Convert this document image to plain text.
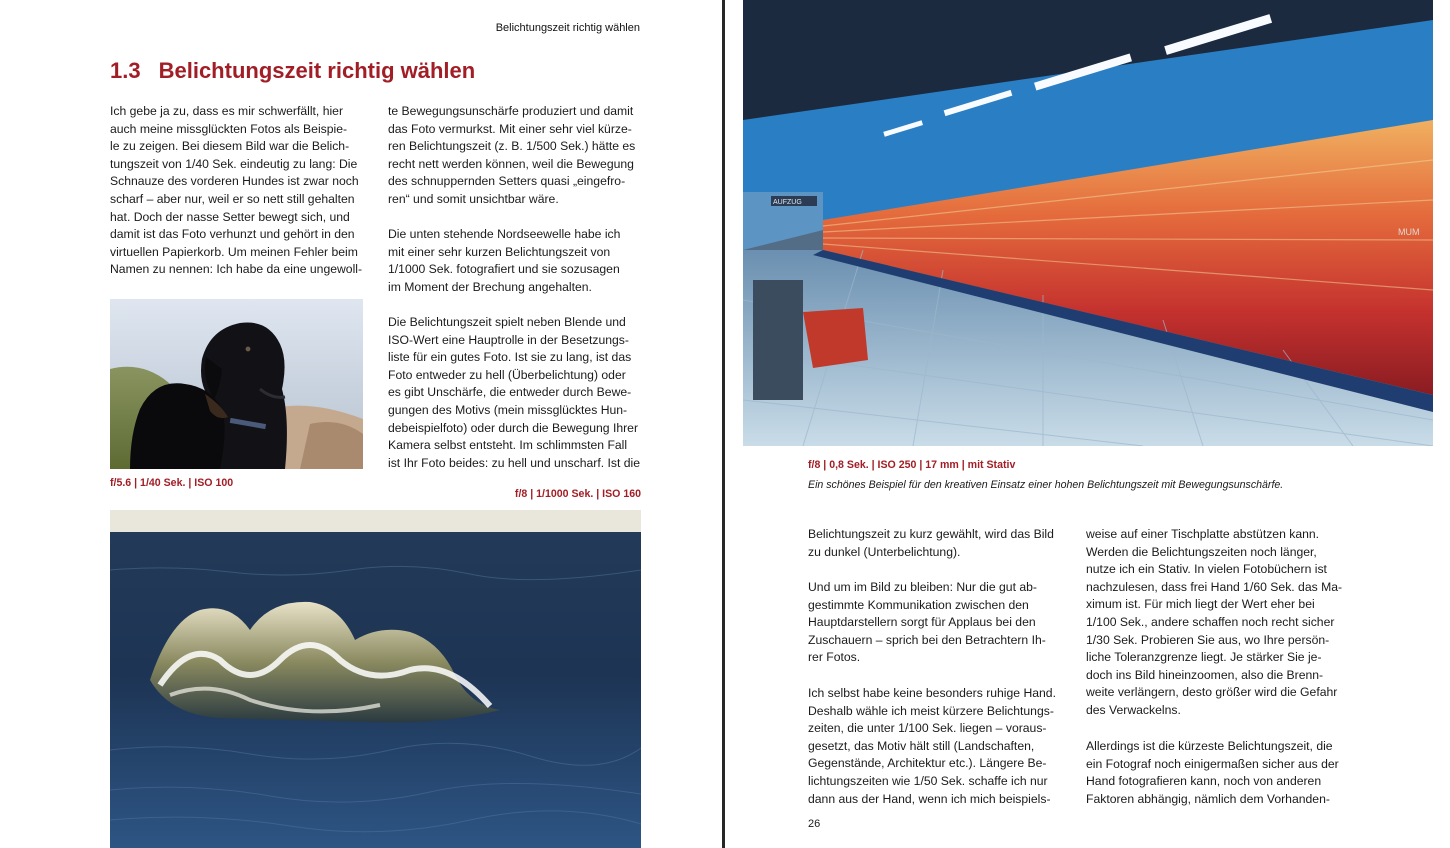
Belichtungszeit richtig wählen
1.3 Belichtungszeit richtig wählen

Ich gebe ja zu, dass es mir schwerfällt, hier
auch meine missglückten Fotos als Beispie-
le zu zeigen. Bei diesem Bild war die Belich-
tungszeit von 1/40 Sek. eindeutig zu lang: Die
Schnauze des vorderen Hundes ist zwar noch
scharf – aber nur, weil er so nett still gehalten
hat. Doch der nasse Setter bewegt sich, und
damit ist das Foto verhunzt und gehört in den
virtuellen Papierkorb. Um meinen Fehler beim
Namen zu nennen: Ich habe da eine ungewoll-

f/5.6 | 1/40 Sek. | ISO 100

te Bewegungsunschärfe produziert und damit
das Foto vermurkst. Mit einer sehr viel kürze-
ren Belichtungszeit (z. B. 1/500 Sek.) hätte es
recht nett werden können, weil die Bewegung
des schnuppernden Setters quasi „eingefro-
ren“ und somit unsichtbar wäre.

Die unten stehende Nordseewelle habe ich
mit einer sehr kurzen Belichtungszeit von
1/1000 Sek. fotografiert und sie sozusagen
im Moment der Brechung angehalten.

Die Belichtungszeit spielt neben Blende und
ISO-Wert eine Hauptrolle in der Besetzungs-
liste für ein gutes Foto. Ist sie zu lang, ist das
Foto entweder zu hell (Überbelichtung) oder
es gibt Unschärfe, die entweder durch Bewe-
gungen des Motivs (mein missglücktes Hun-
debeispielfoto) oder durch die Bewegung Ihrer
Kamera selbst entsteht. Im schlimmsten Fall
ist Ihr Foto beides: zu hell und unscharf. Ist die

f/8 | 1/1000 Sek. | ISO 160
AUFZUG
MUM
f/8 | 0,8 Sek. | ISO 250 | 17 mm | mit Stativ
Ein schönes Beispiel für den kreativen Einsatz einer hohen Belichtungszeit mit Bewegungsunschärfe.

Belichtungszeit zu kurz gewählt, wird das Bild
zu dunkel (Unterbelichtung).

Und um im Bild zu bleiben: Nur die gut ab-
gestimmte Kommunikation zwischen den
Hauptdarstellern sorgt für Applaus bei den
Zuschauern – sprich bei den Betrachtern Ih-
rer Fotos.

Ich selbst habe keine besonders ruhige Hand.
Deshalb wähle ich meist kürzere Belichtungs-
zeiten, die unter 1/100 Sek. liegen – voraus-
gesetzt, das Motiv hält still (Landschaften,
Gegenstände, Architektur etc.). Längere Be-
lichtungszeiten wie 1/50 Sek. schaffe ich nur
dann aus der Hand, wenn ich mich beispiels-

weise auf einer Tischplatte abstützen kann.
Werden die Belichtungszeiten noch länger,
nutze ich ein Stativ. In vielen Fotobüchern ist
nachzulesen, dass frei Hand 1/60 Sek. das Ma-
ximum ist. Für mich liegt der Wert eher bei
1/100 Sek., andere schaffen noch recht sicher
1/30 Sek. Probieren Sie aus, wo Ihre persön-
liche Toleranzgrenze liegt. Je stärker Sie je-
doch ins Bild hineinzoomen, also die Brenn-
weite verlängern, desto größer wird die Gefahr
des Verwackelns.

Allerdings ist die kürzeste Belichtungszeit, die
ein Fotograf noch einigermaßen sicher aus der
Hand fotografieren kann, noch von anderen
Faktoren abhängig, nämlich dem Vorhanden-

26
